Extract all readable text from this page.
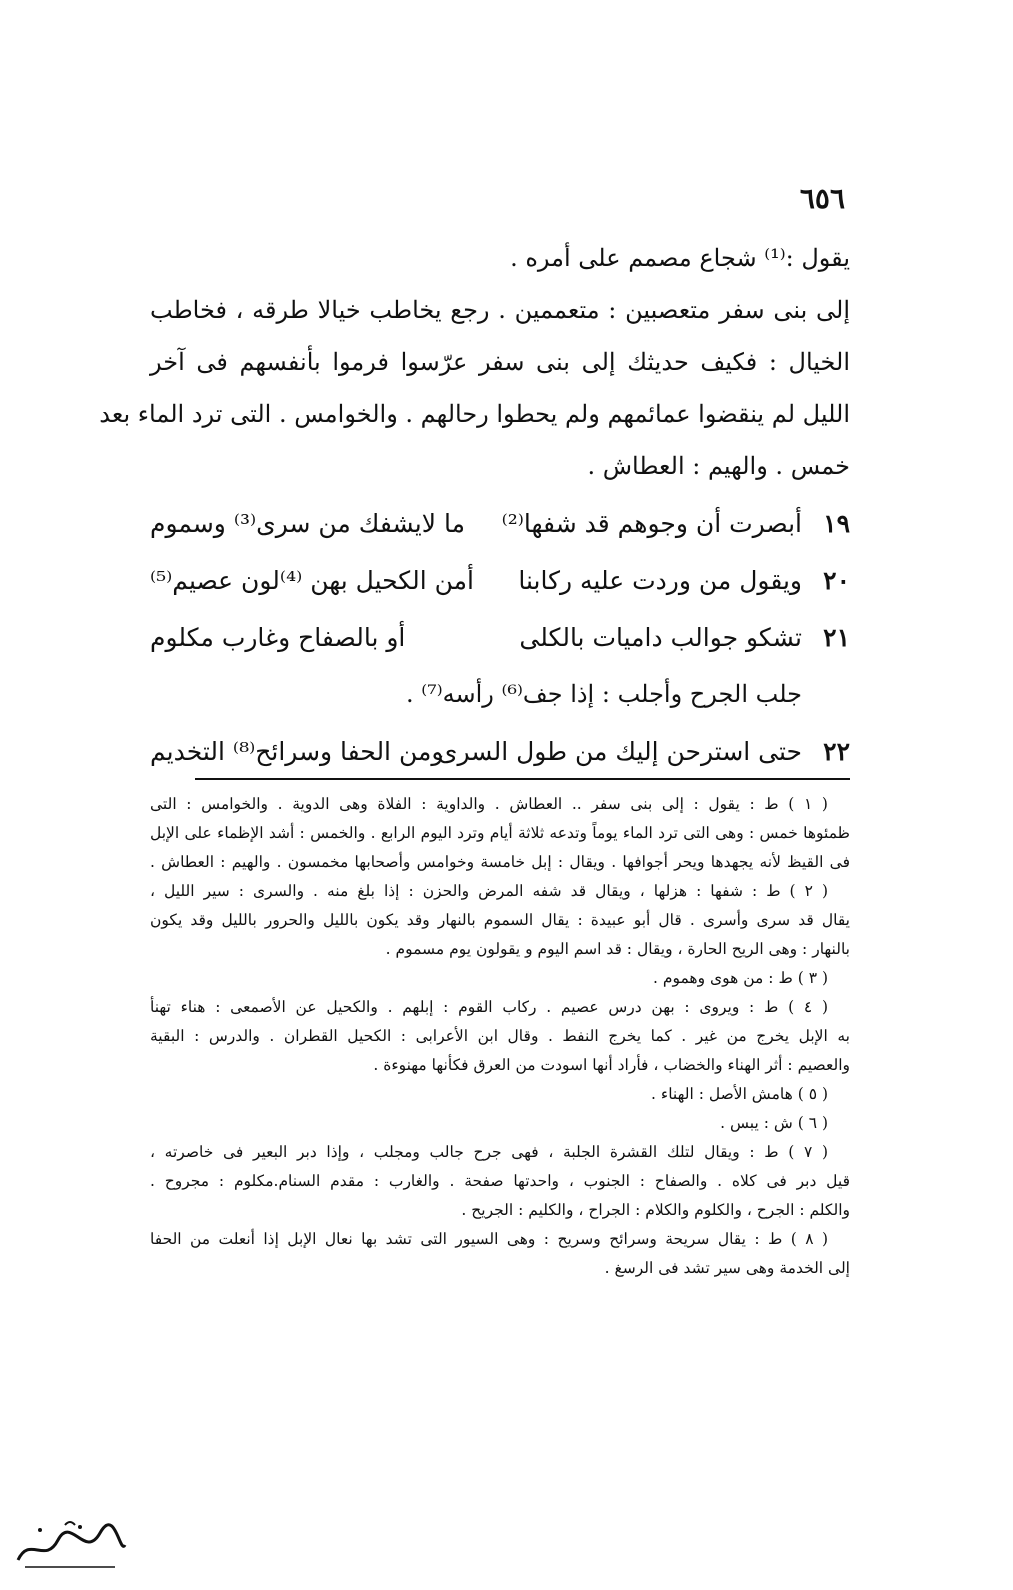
٦٥٦
يقول :⁽¹⁾ شجاع مصمم على أمره .
إلى بنى سفر متعصبين : متعممين . رجع يخاطب خيالا طرقه ، فخاطب
الخيال : فكيف حديثك إلى بنى سفر عرّسوا فرموا بأنفسهم فى آخر
الليل لم ينقضوا عمائمهم ولم يحطوا رحالهم . والخوامس . التى ترد الماء بعد
خمس . والهيم : العطاش .
١٩
أبصرت أن وجوهم قد شفها⁽²⁾
ما لايشفك من سرى⁽³⁾ وسموم
٢٠
ويقول من وردت عليه ركابنا
أمن الكحيل بهن ⁽⁴⁾لون عصيم⁽⁵⁾
٢١
تشكو جوالب داميات بالكلى
أو بالصفاح وغارب مكلوم
جلب الجرح وأجلب : إذا جف⁽⁶⁾ رأسه⁽⁷⁾ .
٢٢
حتى استرحن إليك من طول السرى
ومن الحفا وسرائح⁽⁸⁾ التخديم
( ١ ) ط : يقول : إلى بنى سفر .. العطاش . والداوية : الفلاة وهى الدوية . والخوامس : التى
ظمئوها خمس : وهى التى ترد الماء يوماً وتدعه ثلاثة أيام وترد اليوم الرابع . والخمس : أشد الإظماء على الإبل
فى القيظ لأنه يجهدها ويحر أجوافها . ويقال : إبل خامسة وخوامس وأصحابها مخمسون . والهيم : العطاش .
( ٢ ) ط : شفها : هزلها ، ويقال قد شفه المرض والحزن : إذا بلغ منه . والسرى : سير الليل ،
يقال قد سرى وأسرى . قال أبو عبيدة : يقال السموم بالنهار وقد يكون بالليل والحرور بالليل وقد يكون
بالنهار : وهى الريح الحارة ، ويقال : قد اسم اليوم و يقولون يوم مسموم .
( ٣ ) ط : من هوى وهموم .
( ٤ ) ط : ويروى : بهن درس عصيم . ركاب القوم : إبلهم . والكحيل عن الأصمعى : هناء تهنأ
به الإبل يخرج من غير . كما يخرج النفط . وقال ابن الأعرابى : الكحيل القطران . والدرس : البقية
والعصيم : أثر الهناء والخضاب ، فأراد أنها اسودت من العرق فكأنها مهنوءة .
( ٥ ) هامش الأصل : الهناء .
( ٦ ) ش : يبس .
( ٧ ) ط : ويقال لتلك القشرة الجلبة ، فهى جرح جالب ومجلب ، وإذا دبر البعير فى خاصرته ،
قيل دبر فى كلاه . والصفاح : الجنوب ، واحدتها صفحة . والغارب : مقدم السنام.مكلوم : مجروح .
والكلم : الجرح ، والكلوم والكلام : الجراح ، والكليم : الجريح .
( ٨ ) ط : يقال سريحة وسرائح وسريح : وهى السيور التى تشد بها نعال الإبل إذا أنعلت من الحفا
إلى الخدمة وهى سير تشد فى الرسغ .
